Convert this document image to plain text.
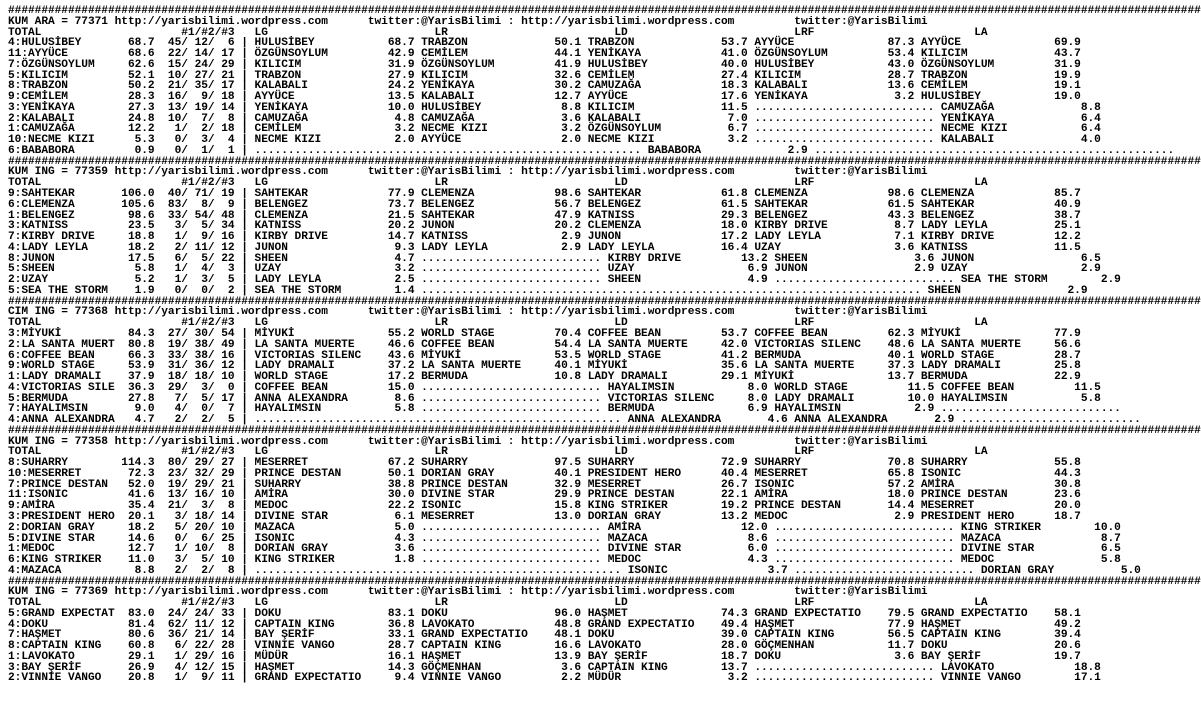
###################################################################################################################################################################################
KUM ARA = 77371 http://yarisbilimi.wordpress.com      twitter:@YarisBilimi : http://yarisbilimi.wordpress.com         twitter:@YarisBilimi
TOTAL                     #1/#2/#3   LG                         LR                         LD                         LRF                        LA
4:HULUSİBEY       68.7  45/ 12/  6 | HULUSİBEY           68.7 TRABZON             50.1 TRABZON             53.7 AYYÜCE              87.3 AYYÜCE              69.9
11:AYYÜCE         68.6  22/ 14/ 17 | ÖZGÜNSOYLUM         42.9 CEMİLEM             44.1 YENİKAYA            41.0 ÖZGÜNSOYLUM         53.4 KILICIM             43.7
7:ÖZGÜNSOYLUM     62.6  15/ 24/ 29 | KILICIM             31.9 ÖZGÜNSOYLUM         41.9 HULUSİBEY           40.0 HULUSİBEY           43.0 ÖZGÜNSOYLUM         31.9
5:KILICIM         52.1  10/ 27/ 21 | TRABZON             27.9 KILICIM             32.6 CEMİLEM             27.4 KILICIM             28.7 TRABZON             19.9
8:TRABZON         50.2  21/ 35/ 17 | KALABALI            24.2 YENİKAYA            30.2 CAMUZAĞA            18.3 KALABALI            13.6 CEMİLEM             19.1
9:CEMİLEM         28.3  16/  9/ 18 | AYYÜCE              13.5 KALABALI            12.7 AYYÜCE              17.6 YENİKAYA             3.2 HULUSİBEY           19.0
3:YENİKAYA        27.3  13/ 19/ 14 | YENİKAYA            10.0 HULUSİBEY            8.8 KILICIM             11.5 ........................... CAMUZAĞA             8.8
2:KALABALI        24.8  10/  7/  8 | CAMUZAĞA             4.8 CAMUZAĞA             3.6 KALABALI             7.0 ........................... YENİKAYA             6.4
1:CAMUZAĞA        12.2   1/  2/ 18 | CEMİLEM              3.2 NECME KIZI           3.2 ÖZGÜNSOYLUM          6.7 ........................... NECME KIZI           6.4
10:NECME KIZI      5.3   0/  3/  4 | NECME KIZI           2.0 AYYÜCE               2.0 NECME KIZI           3.2 ........................... KALABALI             4.0
6:BABABORA         0.9   0/  1/  1 | .......................................................... BABABORA             2.9 ......................................................
###################################################################################################################################################################################
KUM ING = 77359 http://yarisbilimi.wordpress.com      twitter:@YarisBilimi : http://yarisbilimi.wordpress.com         twitter:@YarisBilimi
TOTAL                     #1/#2/#3   LG                         LR                         LD                         LRF                        LA
9:SAHTEKAR       106.0  40/ 71/ 19 | SAHTEKAR            77.9 CLEMENZA            98.6 SAHTEKAR            61.8 CLEMENZA            98.6 CLEMENZA            85.7
6:CLEMENZA       105.6  83/  8/  9 | BELENGEZ            73.7 BELENGEZ            56.7 BELENGEZ            61.5 SAHTEKAR            61.5 SAHTEKAR            40.9
1:BELENGEZ        98.6  33/ 54/ 48 | CLEMENZA            21.5 SAHTEKAR            47.9 KATNISS             29.3 BELENGEZ            43.3 BELENGEZ            38.7
3:KATNISS         23.5   3/  5/ 34 | KATNISS             20.2 JUNON               20.2 CLEMENZA            18.0 KIRBY DRIVE          8.7 LADY LEYLA          25.1
7:KIRBY DRIVE     18.8   1/  9/ 16 | KIRBY DRIVE         14.7 KATNISS              2.9 JUNON               17.2 LADY LEYLA           7.1 KIRBY DRIVE         12.2
4:LADY LEYLA      18.2   2/ 11/ 12 | JUNON                9.3 LADY LEYLA           2.9 LADY LEYLA          16.4 UZAY                 3.6 KATNISS             11.5
8:JUNON           17.5   6/  5/ 22 | SHEEN                4.7 ........................... KIRBY DRIVE         13.2 SHEEN                3.6 JUNON                6.5
5:SHEEN            5.8   1/  4/  3 | UZAY                 3.2 ........................... UZAY                 6.9 JUNON                2.9 UZAY                 2.9
2:UZAY             5.2   1/  3/  5 | LADY LEYLA           2.5 ........................... SHEEN                4.9 ........................... SEA THE STORM        2.9
5:SEA THE STORM    1.9   0/  0/  2 | SEA THE STORM        1.4 ........................................................................... SHEEN                2.9
###################################################################################################################################################################################
CIM ING = 77368 http://yarisbilimi.wordpress.com      twitter:@YarisBilimi : http://yarisbilimi.wordpress.com         twitter:@YarisBilimi
TOTAL                     #1/#2/#3   LG                         LR                         LD                         LRF                        LA
3:MİYUKİ          84.3  27/ 30/ 54 | MİYUKİ              55.2 WORLD STAGE         70.4 COFFEE BEAN         53.7 COFFEE BEAN         62.3 MİYUKİ              77.9
2:LA SANTA MUERT  80.8  19/ 38/ 49 | LA SANTA MUERTE     46.6 COFFEE BEAN         54.4 LA SANTA MUERTE     42.0 VICTORIAS SILENC    48.6 LA SANTA MUERTE     56.6
6:COFFEE BEAN     66.3  33/ 38/ 16 | VICTORIAS SILENC    43.6 MİYUKİ              53.5 WORLD STAGE         41.2 BERMUDA             40.1 WORLD STAGE         28.7
9:WORLD STAGE     53.9  31/ 36/ 12 | LADY DRAMALI        37.2 LA SANTA MUERTE     40.1 MİYUKİ              35.6 LA SANTA MUERTE     37.3 LADY DRAMALI        25.8
1:LADY DRAMALI    37.9  18/ 18/ 10 | WORLD STAGE         17.2 BERMUDA             10.8 LADY DRAMALI        29.1 MİYUKİ              13.7 BERMUDA             22.9
4:VICTORIAS SILE  36.3  29/  3/  0 | COFFEE BEAN         15.0 ........................... HAYALIMSIN           8.0 WORLD STAGE         11.5 COFFEE BEAN         11.5
5:BERMUDA         27.8   7/  5/ 17 | ANNA ALEXANDRA       8.6 ........................... VICTORIAS SILENC     8.0 LADY DRAMALI        10.0 HAYALIMSIN           5.8
7:HAYALIMSIN       9.0   4/  0/  7 | HAYALIMSIN           5.8 ........................... BERMUDA              6.9 HAYALIMSIN           2.9 ...........................
4:ANNA ALEXANDRA   4.7   2/  2/  5 | ....................................................... ANNA ALEXANDRA       4.6 ANNA ALEXANDRA       2.9 ...........................
###################################################################################################################################################################################
KUM ING = 77358 http://yarisbilimi.wordpress.com      twitter:@YarisBilimi : http://yarisbilimi.wordpress.com         twitter:@YarisBilimi
TOTAL                     #1/#2/#3   LG                         LR                         LD                         LRF                        LA
8:SUHARRY        114.3  80/ 29/ 27 | MESERRET            67.2 SUHARRY             97.5 SUHARRY             72.9 SUHARRY             70.8 SUHARRY             55.8
10:MESERRET       72.3  23/ 32/ 29 | PRINCE DESTAN       50.1 DORIAN GRAY         40.1 PRESIDENT HERO      40.4 MESERRET            65.8 ISONIC              44.3
7:PRINCE DESTAN   52.0  19/ 29/ 21 | SUHARRY             38.8 PRINCE DESTAN       32.9 MESERRET            26.7 ISONIC              57.2 AMİRA               30.8
11:ISONIC         41.6  13/ 16/ 10 | AMİRA               30.0 DIVINE STAR         29.9 PRINCE DESTAN       22.1 AMİRA               18.0 PRINCE DESTAN       23.6
9:AMİRA           35.4  21/  3/  8 | MEDOC               22.2 ISONIC              15.8 KING STRIKER        19.2 PRINCE DESTAN       14.4 MESERRET            20.0
3:PRESIDENT HERO  20.1   3/ 18/ 14 | DIVINE STAR          6.1 MESERRET            13.0 DORIAN GRAY         13.2 MEDOC                2.9 PRESIDENT HERO      18.7
2:DORIAN GRAY     18.2   5/ 20/ 10 | MAZACA               5.0 ........................... AMİRA               12.0 ........................... KING STRIKER        10.0
5:DIVINE STAR     14.6   0/  6/ 25 | ISONIC               4.3 ........................... MAZACA               8.6 ........................... MAZACA               8.7
1:MEDOC           12.7   1/ 10/  8 | DORIAN GRAY          3.6 ........................... DIVINE STAR          6.0 ........................... DIVINE STAR          6.5
6:KING STRIKER    11.0   3/  5/ 10 | KING STRIKER         1.8 ........................... MEDOC                4.3 ........................... MEDOC                5.8
4:MAZACA           8.8   2/  2/  8 | ....................................................... ISONIC               3.7 ........................... DORIAN GRAY          5.0
###################################################################################################################################################################################
KUM ING = 77369 http://yarisbilimi.wordpress.com      twitter:@YarisBilimi : http://yarisbilimi.wordpress.com         twitter:@YarisBilimi
TOTAL                     #1/#2/#3   LG                         LR                         LD                         LRF                        LA
5:GRAND EXPECTAT  83.0  24/ 24/ 33 | DOKU                83.1 DOKU                96.0 HAŞMET              74.3 GRAND EXPECTATIO    79.5 GRAND EXPECTATIO    58.1
4:DOKU            81.4  62/ 11/ 12 | CAPTAIN KING        36.8 LAVOKATO            48.8 GRAND EXPECTATIO    49.4 HAŞMET              77.9 HAŞMET              49.2
7:HAŞMET          80.6  36/ 21/ 14 | BAY ŞERİF           33.1 GRAND EXPECTATIO    48.1 DOKU                39.0 CAPTAIN KING        56.5 CAPTAIN KING        39.4
8:CAPTAIN KING    60.8   6/ 22/ 28 | VINNIE VANGO        28.7 CAPTAIN KING        16.6 LAVOKATO            28.0 GÖÇMENHAN           11.7 DOKU                20.6
1:LAVOKATO        29.1   1/ 29/ 16 | MÜDÜR               16.1 HAŞMET              13.9 BAY ŞERİF           18.7 DOKU                 3.6 BAY ŞERİF           19.7
3:BAY ŞERİF       26.9   4/ 12/ 15 | HAŞMET              14.3 GÖÇMENHAN            3.6 CAPTAIN KING        13.7 ........................... LAVOKATO            18.8
2:VINNIE VANGO    20.8   1/  9/ 11 | GRAND EXPECTATIO     9.4 VINNIE VANGO         2.2 MÜDÜR                3.2 ........................... VINNIE VANGO        17.1
